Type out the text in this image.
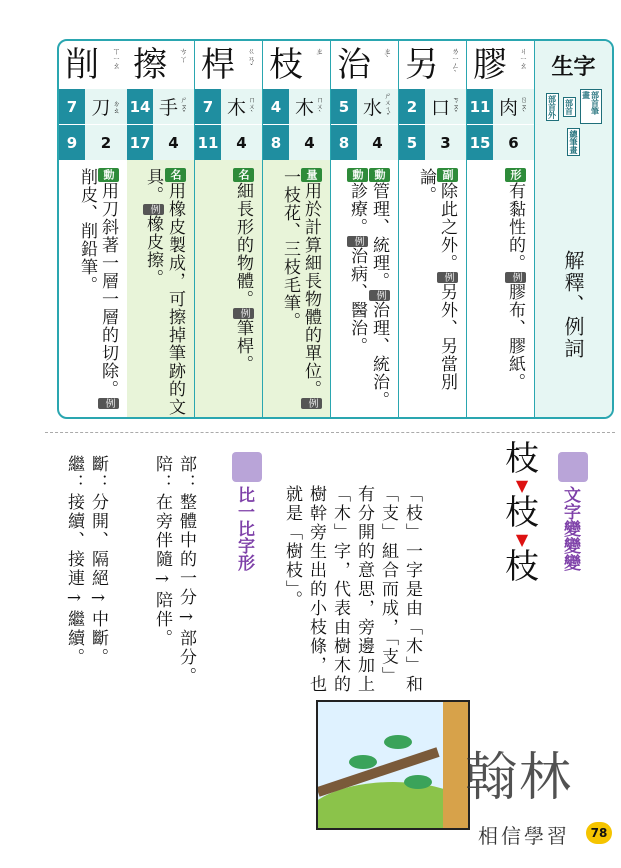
生字
部首外 部首	部首筆畫
總筆畫
解釋、例詞
膠 ㄐㄧㄠ
11 肉 ㄖㄡˋ
15	6
形有黏性的。例膠布、膠紙。
另 ㄌㄧㄥˋ
2 口 ㄎㄡˇ
5	3
副除此之外。例另外、另當別論。
治 ㄓˋ
5 水 ㄕㄨㄟˇ
8	4
動管理、統理。例治理、統治。動診療。例治病、醫治。
枝 ㄓ
4 木 ㄇㄨˋ
8	4
量用於計算細長物體的單位。例一枝花、三枝毛筆。
桿 ㄍㄢˇ
7 木 ㄇㄨˋ
11	4
名細長形的物體。例筆桿。
擦 ㄘㄚ
14 手 ㄕㄡˇ
17	4
名用橡皮製成，可擦掉筆跡的文具。例橡皮擦。
削 ㄒㄧㄠ
7 刀 ㄉㄠ
9	2
動用刀斜著一層一層的切除。例削皮、削鉛筆。
文字變變變
枝
▼
枝
▼
枝
「枝」一字是由「木」和「支」組合而成，「支」有分開的意思，旁邊加上「木」字，代表由樹木的樹幹旁生出的小枝條，也就是「樹枝」。
比一比字形
部：整體中的一分→部分。
陪：在旁伴隨→陪伴。
斷：分開、隔絕→中斷。
繼：接續、接連→繼續。
翰林
相信學習	78
